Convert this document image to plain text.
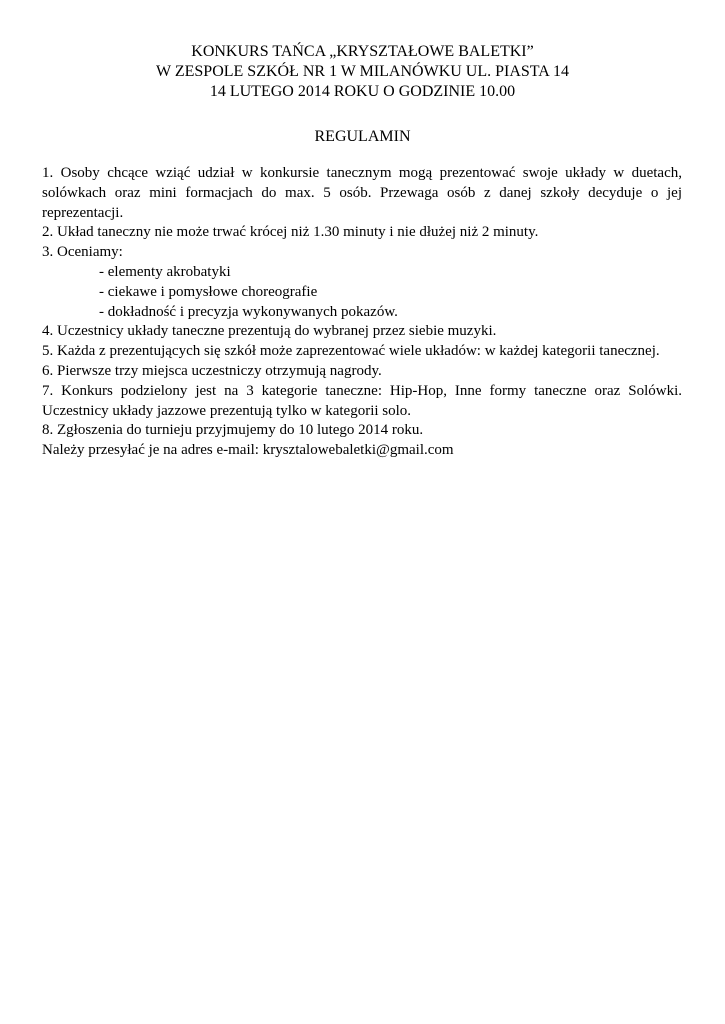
KONKURS TAŃCA „KRYSZTAŁOWE BALETKI”
W ZESPOLE SZKÓŁ NR 1 W MILANÓWKU UL. PIASTA 14
14 LUTEGO 2014 ROKU O GODZINIE 10.00
REGULAMIN

1. Osoby chcące wziąć udział w konkursie tanecznym mogą prezentować swoje układy w duetach, solówkach oraz mini formacjach do max. 5 osób. Przewaga osób z danej szkoły decyduje o jej reprezentacji.

2. Układ taneczny nie może trwać krócej niż 1.30 minuty i nie dłużej niż 2 minuty.

3. Oceniamy:

- elementy akrobatyki

- ciekawe i pomysłowe choreografie

- dokładność i precyzja wykonywanych pokazów.

4. Uczestnicy układy taneczne prezentują do wybranej przez siebie muzyki.

5. Każda z prezentujących się szkół może zaprezentować wiele układów: w każdej kategorii tanecznej.

6. Pierwsze trzy miejsca uczestniczy otrzymują nagrody.

7. Konkurs podzielony jest na 3 kategorie taneczne: Hip-Hop, Inne formy taneczne oraz Solówki. Uczestnicy układy jazzowe prezentują tylko w kategorii solo.

8. Zgłoszenia do turnieju przyjmujemy do 10 lutego 2014 roku.

Należy przesyłać je na adres e-mail: krysztalowebaletki@gmail.com
